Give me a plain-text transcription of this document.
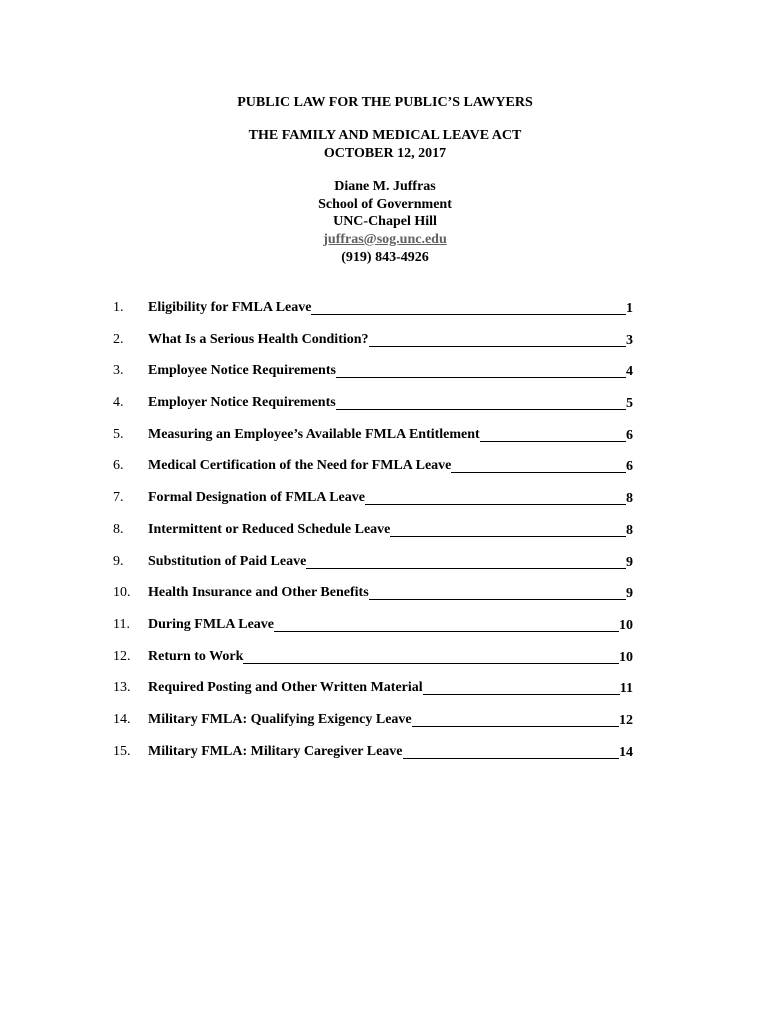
PUBLIC LAW FOR THE PUBLIC’S LAWYERS
THE FAMILY AND MEDICAL LEAVE ACT
OCTOBER 12, 2017
Diane M. Juffras
School of Government
UNC-Chapel Hill
juffras@sog.unc.edu
(919) 843-4926
1.	Eligibility for FMLA Leave	1
2.	What Is a Serious Health Condition?	3
3.	Employee Notice Requirements	4
4.	Employer Notice Requirements	5
5.	Measuring an Employee’s Available FMLA Entitlement	6
6.	Medical Certification of the Need for FMLA Leave	6
7.	Formal Designation of FMLA Leave	8
8.	Intermittent or Reduced Schedule Leave	8
9.	Substitution of Paid Leave	9
10.	Health Insurance and Other Benefits	9
11.	During FMLA Leave	10
12.	Return to Work	10
13.	Required Posting and Other Written Material	11
14.	Military FMLA: Qualifying Exigency Leave	12
15.	Military FMLA: Military Caregiver Leave	14
